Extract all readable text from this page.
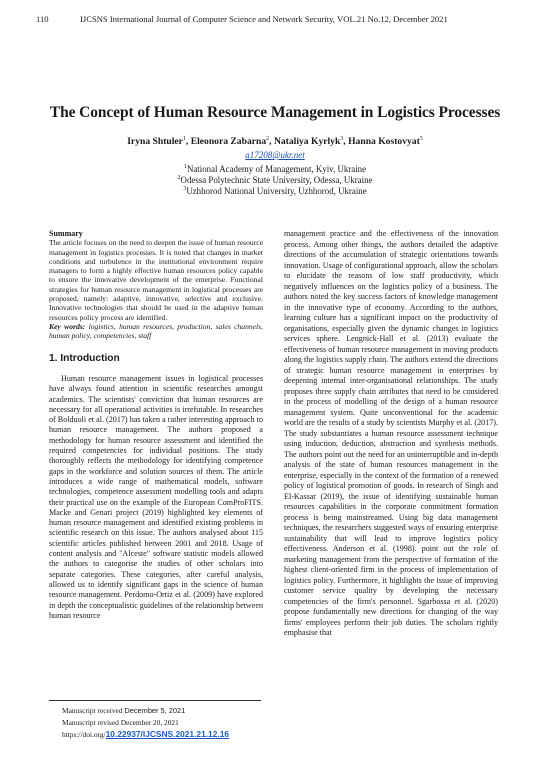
110	IJCSNS International Journal of Computer Science and Network Security, VOL.21 No.12, December 2021
The Concept of Human Resource Management in Logistics Processes
Iryna Shtuler$^1$, Eleonora Zabarna$^2$, Nataliya Kyrlyk$^3$, Hanna Kostovyat$^3$
a17208@ukr.net
$^1$National Academy of Management, Kyiv, Ukraine
$^2$Odessa Polytechnic State University, Odessa, Ukraine
$^3$Uzhhorod National University, Uzhhorod, Ukraine
Summary
The article focuses on the need to deepen the issue of human resource management in logistics processes. It is noted that changes in market conditions and turbulence in the institutional environment require managers to form a highly effective human resources policy capable to ensure the innovative development of the enterprise. Functional strategies for human resource management in logistical processes are proposed, namely: adaptive, innovative, selective and exclusive. Innovative technologies that should be used in the adaptive human resources policy process are identified.
Key words: logistics, human resources, production, sales channels, human policy, competencies, staff
1. Introduction

Human resource management issues in logistical processes have always found attention in scientific researches amongst academics. The scientists' conviction that human resources are necessary for all operational activities is irrefutable. In researches of Bolduoli et al. (2017) has taken a rather interesting approach to human resource management. The authors proposed a methodology for human resource assessment and identified the required competencies for individual positions. The study thoroughly reflects the methodology for identifying competence gaps in the workforce and solution sources of them. The article introduces a wide range of mathematical models, software technologies, competence assessment modelling tools and adapts their practical use on the example of the European ComProFITS. Macke and Genari project (2019) highlighted key elements of human resource management and identified existing problems in scientific research on this issue. The authors analysed about 115 scientific articles published between 2001 and 2018. Usage of content analysis and "Alceste" software statistic models allowed the authors to categorise the studies of other scholars into separate categories. These categories, after careful analysis, allowed us to identify significant gaps in the science of human resource management. Perdomo-Ortiz et al. (2009) have explored in depth the conceptualistic guidelines of the relationship between human resource

management practice and the effectiveness of the innovation process. Among other things, the authors detailed the adaptive directions of the accumulation of strategic orientations towards innovation. Usage of configurational approach, allow the scholars to elucidate the reasons of low staff productivity, which negatively influences on the logistics policy of a business. The authors noted the key success factors of knowledge management in the innovative type of economy. According to the authors, learning culture has a significant impact on the productivity of organisations, especially given the dynamic changes in logistics services sphere. Lengnick-Hall et al. (2013) evaluate the effectiveness of human resource management in moving products along the logistics supply chain. The authors extend the directions of strategic human resource management in enterprises by deepening internal inter-organisational relationships. The study proposes three supply chain attributes that need to be considered in the process of modelling of the design of a human resource management system. Quite unconventional for the academic world are the results of a study by scientists Murphy et al. (2017). The study substantiates a human resource assessment technique using induction, deduction, abstraction and synthesis methods. The authors point out the need for an uninterruptible and in-depth analysis of the state of human resources management in the enterprise, especially in the context of the formation of a renewed policy of logistical promotion of goods. In research of Singh and El-Kassar (2019), the issue of identifying sustainable human resources capabilities in the corporate commitment formation process is being mainstreamed. Using big data management techniques, the researchers suggested ways of ensuring enterprise sustainability that will lead to improve logistics policy effectiveness. Anderson et al. (1998). point out the role of marketing management from the perspective of formation of the highest client-oriented firm in the process of implementation of logistics policy. Furthermore, it highlights the issue of improving customer service quality by developing the necessary competencies of the firm's personnel. Sgarbossa et al. (2020) propose fundamentally new directions for changing of the way firms' employees perform their job duties. The scholars rightly emphasise that
Manuscript received December 5, 2021
Manuscript revised December 20, 2021
https://doi.org/10.22937/IJCSNS.2021.21.12.16
